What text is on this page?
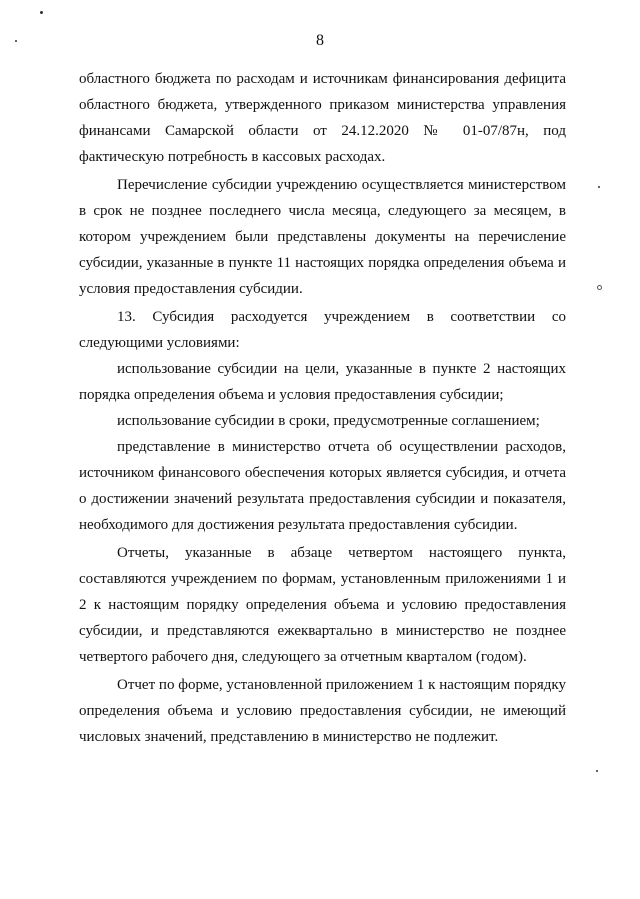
8

областного бюджета по расходам и источникам финансирования дефицита областного бюджета, утвержденного приказом министерства управления финансами Самарской области от 24.12.2020 № 01-07/87н, под фактическую потребность в кассовых расходах.

Перечисление субсидии учреждению осуществляется министерством в срок не позднее последнего числа месяца, следующего за месяцем, в котором учреждением были представлены документы на перечисление субсидии, указанные в пункте 11 настоящих порядка определения объема и условия предоставления субсидии.

13. Субсидия расходуется учреждением в соответствии со следующими условиями:

использование субсидии на цели, указанные в пункте 2 настоящих порядка определения объема и условия предоставления субсидии;

использование субсидии в сроки, предусмотренные соглашением;

представление в министерство отчета об осуществлении расходов, источником финансового обеспечения которых является субсидия, и отчета о достижении значений результата предоставления субсидии и показателя, необходимого для достижения результата предоставления субсидии.

Отчеты, указанные в абзаце четвертом настоящего пункта, составляются учреждением по формам, установленным приложениями 1 и 2 к настоящим порядку определения объема и условию предоставления субсидии, и представляются ежеквартально в министерство не позднее четвертого рабочего дня, следующего за отчетным кварталом (годом).

Отчет по форме, установленной приложением 1 к настоящим порядку определения объема и условию предоставления субсидии, не имеющий числовых значений, представлению в министерство не подлежит.
